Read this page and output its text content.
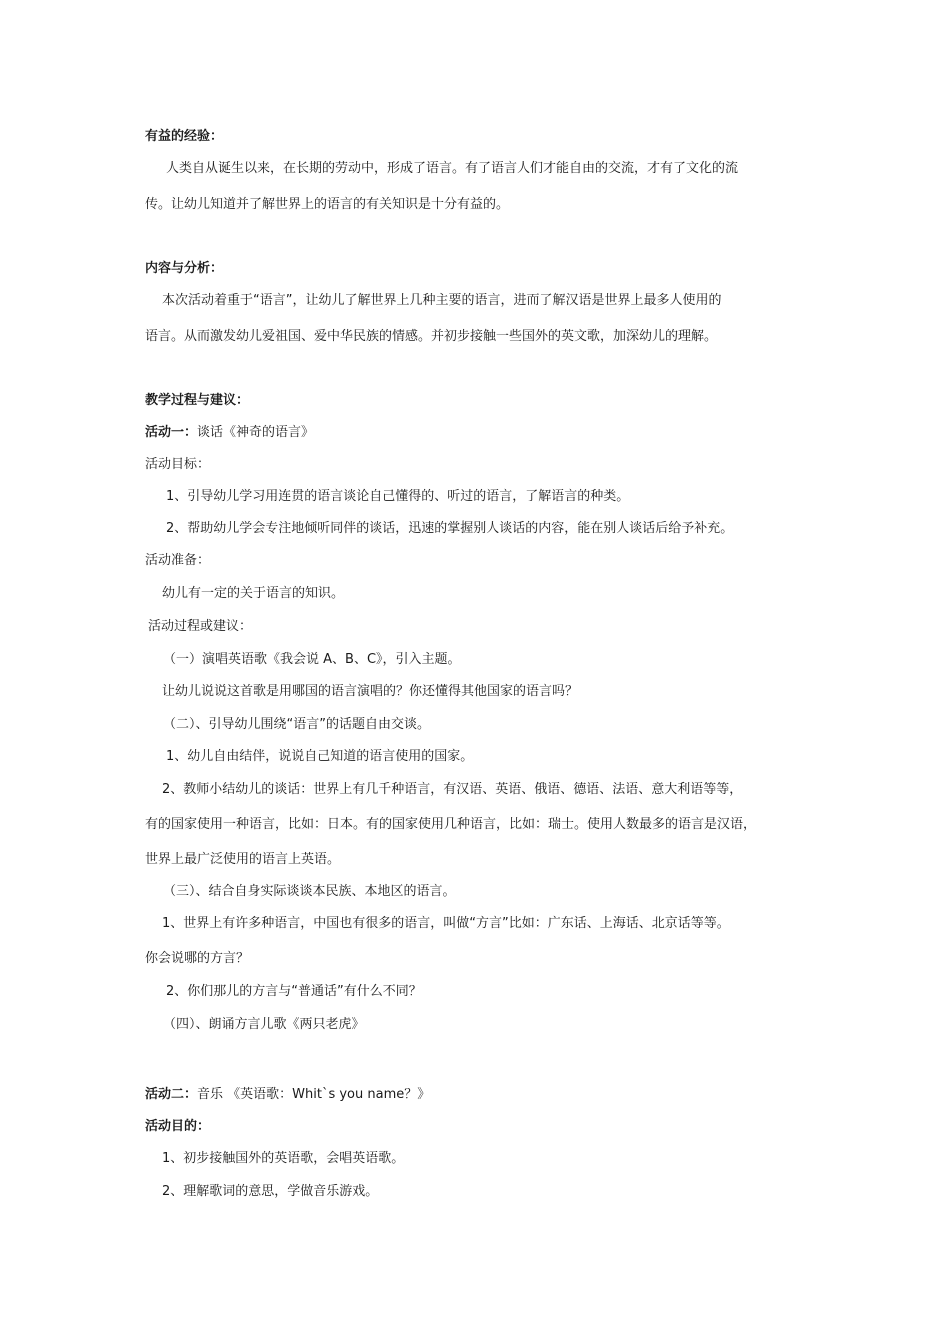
有益的经验：
人类自从诞生以来，在长期的劳动中，形成了语言。有了语言人们才能自由的交流，才有了文化的流
传。让幼儿知道并了解世界上的语言的有关知识是十分有益的。
内容与分析：
本次活动着重于“语言”，让幼儿了解世界上几种主要的语言，进而了解汉语是世界上最多人使用的
语言。从而激发幼儿爱祖国、爱中华民族的情感。并初步接触一些国外的英文歌，加深幼儿的理解。
教学过程与建议：
活动一：谈话《神奇的语言》
活动目标：
1、引导幼儿学习用连贯的语言谈论自己懂得的、听过的语言，了解语言的种类。
2、帮助幼儿学会专注地倾听同伴的谈话，迅速的掌握别人谈话的内容，能在别人谈话后给予补充。
活动准备：
幼儿有一定的关于语言的知识。
活动过程或建议：
（一）演唱英语歌《我会说 A、B、C》，引入主题。
让幼儿说说这首歌是用哪国的语言演唱的？你还懂得其他国家的语言吗？
（二）、引导幼儿围绕“语言”的话题自由交谈。
1、幼儿自由结伴，说说自己知道的语言使用的国家。
2、教师小结幼儿的谈话：世界上有几千种语言，有汉语、英语、俄语、德语、法语、意大利语等等，
有的国家使用一种语言，比如：日本。有的国家使用几种语言，比如：瑞士。使用人数最多的语言是汉语，
世界上最广泛使用的语言上英语。
（三）、结合自身实际谈谈本民族、本地区的语言。
1、世界上有许多种语言，中国也有很多的语言，叫做“方言”比如：广东话、上海话、北京话等等。
你会说哪的方言？
2、你们那儿的方言与“普通话”有什么不同？
（四）、朗诵方言儿歌《两只老虎》
活动二：音乐 《英语歌：Whit`s you name？》
活动目的：
1、初步接触国外的英语歌，会唱英语歌。
2、理解歌词的意思，学做音乐游戏。
